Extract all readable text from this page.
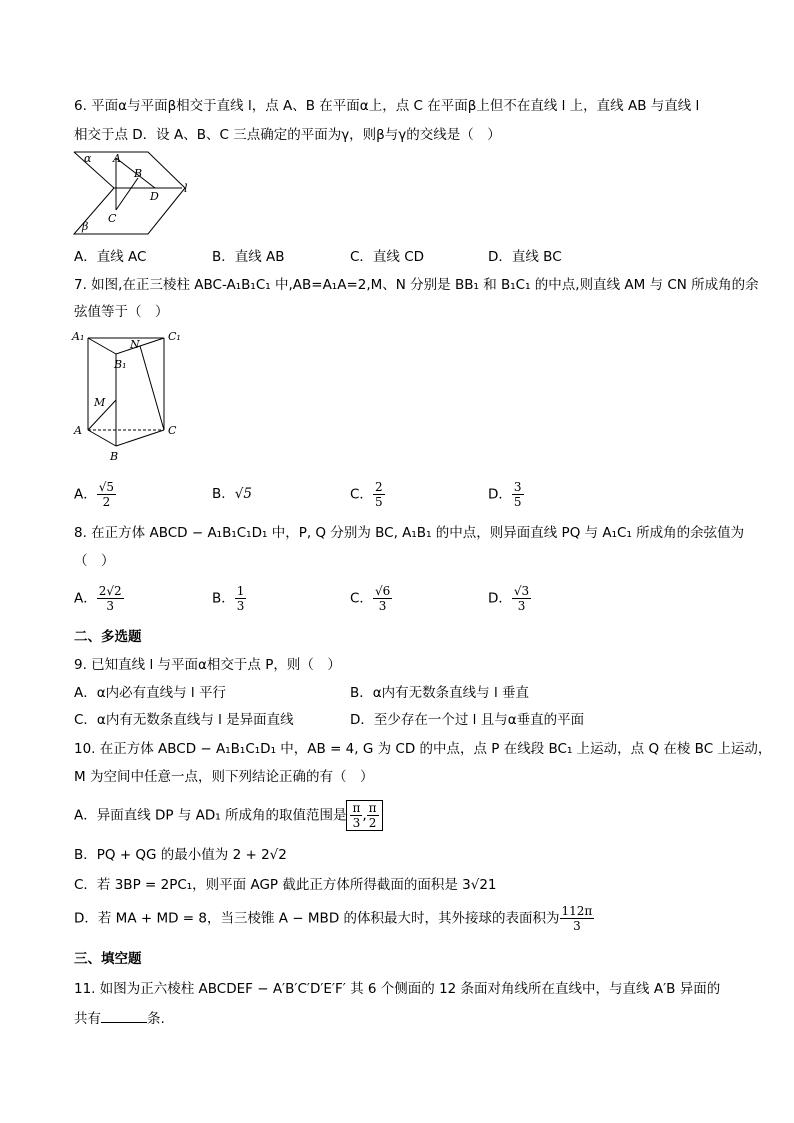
6. 平面α与平面β相交于直线 l，点 A、B 在平面α上，点 C 在平面β上但不在直线 l 上，直线 AB 与直线 l
相交于点 D．设 A、B、C 三点确定的平面为γ，则β与γ的交线是（　）
α A
B
D
l
C
β
A．直线 AC	B．直线 AB	C．直线 CD	D．直线 BC
7. 如图,在正三棱柱 ABC-A₁B₁C₁ 中,AB=A₁A=2,M、N 分别是 BB₁ 和 B₁C₁ 的中点,则直线 AM 与 CN 所成角的余
弦值等于（　）
A₁	C₁
N
B₁
M
A	C
B
A． $\frac{√5}{2}$	B．√5	C． $\frac{2}{5}$	D． $\frac{3}{5}$
8. 在正方体 ABCD − A₁B₁C₁D₁ 中，P, Q 分别为 BC, A₁B₁ 的中点，则异面直线 PQ 与 A₁C₁ 所成角的余弦值为
（　）
A． $\frac{2√2}{3}$	B． $\frac{1}{3}$	C． $\frac{√6}{3}$	D． $\frac{√3}{3}$
二、多选题
9. 已知直线 l 与平面α相交于点 P，则（　）
A．α内必有直线与 l 平行	B．α内有无数条直线与 l 垂直
C．α内有无数条直线与 l 是异面直线	D．至少存在一个过 l 且与α垂直的平面
10. 在正方体 ABCD − A₁B₁C₁D₁ 中，AB = 4, G 为 CD 的中点，点 P 在线段 BC₁ 上运动，点 Q 在棱 BC 上运动，
M 为空间中任意一点，则下列结论正确的有（　）
A．异面直线 DP 与 AD₁ 所成角的取值范围是 $\frac{\pi}{3}$ , $\frac{\pi}{2}$
B．PQ + QG 的最小值为 2 + 2√2
C．若 3BP = 2PC₁，则平面 AGP 截此正方体所得截面的面积是 3√21
D．若 MA + MD = 8，当三棱锥 A − MBD 的体积最大时，其外接球的表面积为 $\frac{112\pi}{3}$
三、填空题
11. 如图为正六棱柱 ABCDEF − A′B′C′D′E′F′ 其 6 个侧面的 12 条面对角线所在直线中，与直线 A′B 异面的
共有	条.
